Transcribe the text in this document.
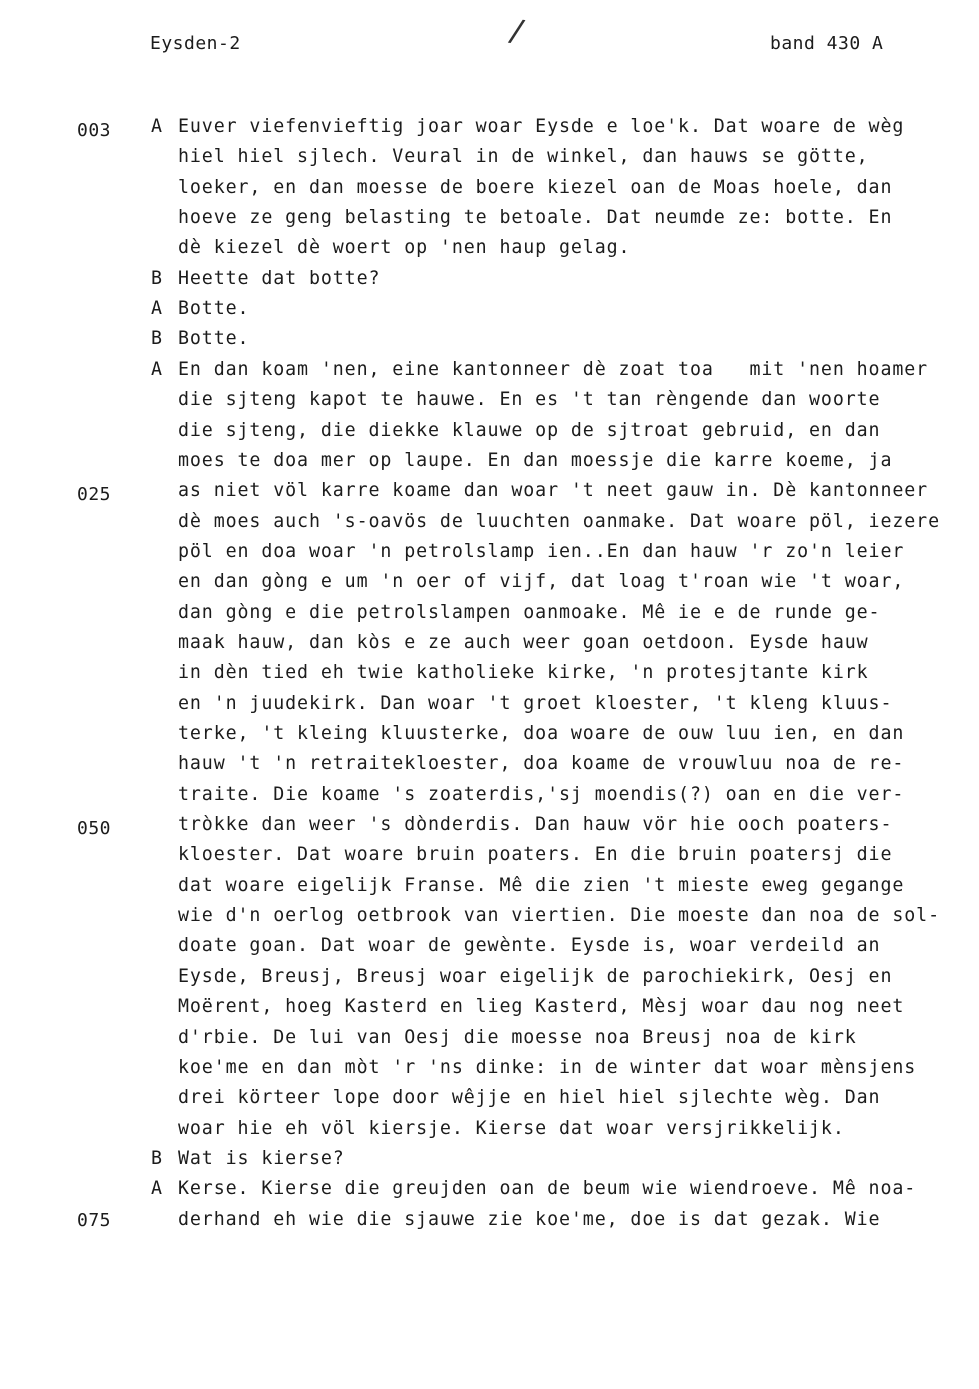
Eysden-2	/	band 430 A
003
025
050
075
A Euver viefenvieftig joar woar Eysde e loe'k. Dat woare de wèg
hiel hiel sjlech. Veural in de winkel, dan hauws se götte,
loeker, en dan moesse de boere kiezel oan de Moas hoele, dan
hoeve ze geng belasting te betoale. Dat neumde ze: botte. En
dè kiezel dè woert op 'nen haup gelag.
B Heette dat botte?
A Botte.
B Botte.
A En dan koam 'nen, eine kantonneer dè zoat toa   mit 'nen hoamer
die sjteng kapot te hauwe. En es 't tan rèngende dan woorte
die sjteng, die diekke klauwe op de sjtroat gebruid, en dan
moes te doa mer op laupe. En dan moessje die karre koeme, ja
as niet völ karre koame dan woar 't neet gauw in. Dè kantonneer
dè moes auch 's-oavös de luuchten oanmake. Dat woare pöl, iezere
pöl en doa woar 'n petrolslamp ien..En dan hauw 'r zo'n leier
en dan gòng e um 'n oer of vijf, dat loag t'roan wie 't woar,
dan gòng e die petrolslampen oanmoake. Mê ie e de runde ge-
maak hauw, dan kòs e ze auch weer goan oetdoon. Eysde hauw
in dèn tied eh twie katholieke kirke, 'n protesjtante kirk
en 'n juudekirk. Dan woar 't groet kloester, 't kleng kluus-
terke, 't kleing kluusterke, doa woare de ouw luu ien, en dan
hauw 't 'n retraitekloester, doa koame de vrouwluu noa de re-
traite. Die koame 's zoaterdis,'sj moendis(?) oan en die ver-
tròkke dan weer 's dònderdis. Dan hauw vör hie ooch poaters-
kloester. Dat woare bruin poaters. En die bruin poatersj die
dat woare eigelijk Franse. Mê die zien 't mieste eweg gegange
wie d'n oerlog oetbrook van viertien. Die moeste dan noa de sol-
doate goan. Dat woar de gewènte. Eysde is, woar verdeild an
Eysde, Breusj, Breusj woar eigelijk de parochiekirk, Oesj en
Moërent, hoeg Kasterd en lieg Kasterd, Mèsj woar dau nog neet
d'rbie. De lui van Oesj die moesse noa Breusj noa de kirk
koe'me en dan mòt 'r 'ns dinke: in de winter dat woar mènsjens
drei körteer lope door wêjje en hiel hiel sjlechte wèg. Dan
woar hie eh völ kiersje. Kierse dat woar versjrikkelijk.
B Wat is kierse?
A Kerse. Kierse die greujden oan de beum wie wiendroeve. Mê noa-
derhand eh wie die sjauwe zie koe'me, doe is dat gezak. Wie
